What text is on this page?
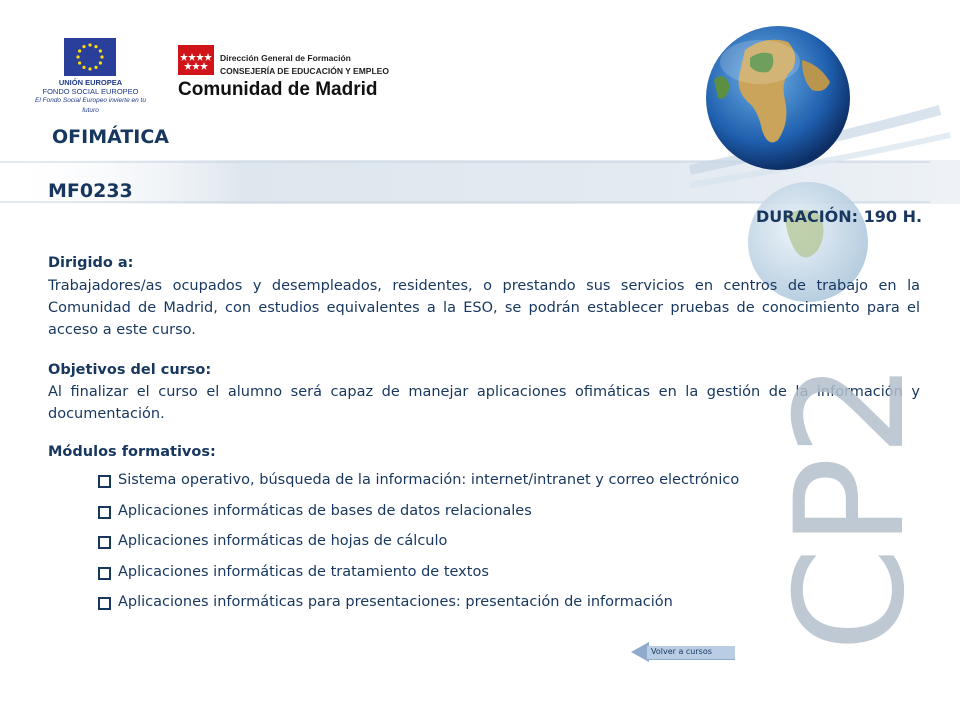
UNIÓN EUROPEA
FONDO SOCIAL EUROPEO
El Fondo Social Europeo invierte en tu futuro
Dirección General de Formación
CONSEJERÍA DE EDUCACIÓN Y EMPLEO
Comunidad de Madrid
OFIMÁTICA
MF0233
DURACIÓN: 190 H.
Dirigido a:
Trabajadores/as ocupados y desempleados, residentes, o prestando sus servicios en centros de trabajo en la Comunidad de Madrid, con estudios equivalentes a la ESO, se podrán establecer pruebas de conocimiento para el acceso a este curso.
Objetivos del curso:
Al finalizar el curso el alumno será capaz de manejar aplicaciones ofimáticas en la gestión de la información y documentación.
Módulos formativos:
Sistema operativo, búsqueda de la información: internet/intranet y correo electrónico
Aplicaciones informáticas de bases de datos relacionales
Aplicaciones informáticas de hojas de cálculo
Aplicaciones informáticas de tratamiento de textos
Aplicaciones informáticas para presentaciones: presentación de información CP2
Volver a cursos
